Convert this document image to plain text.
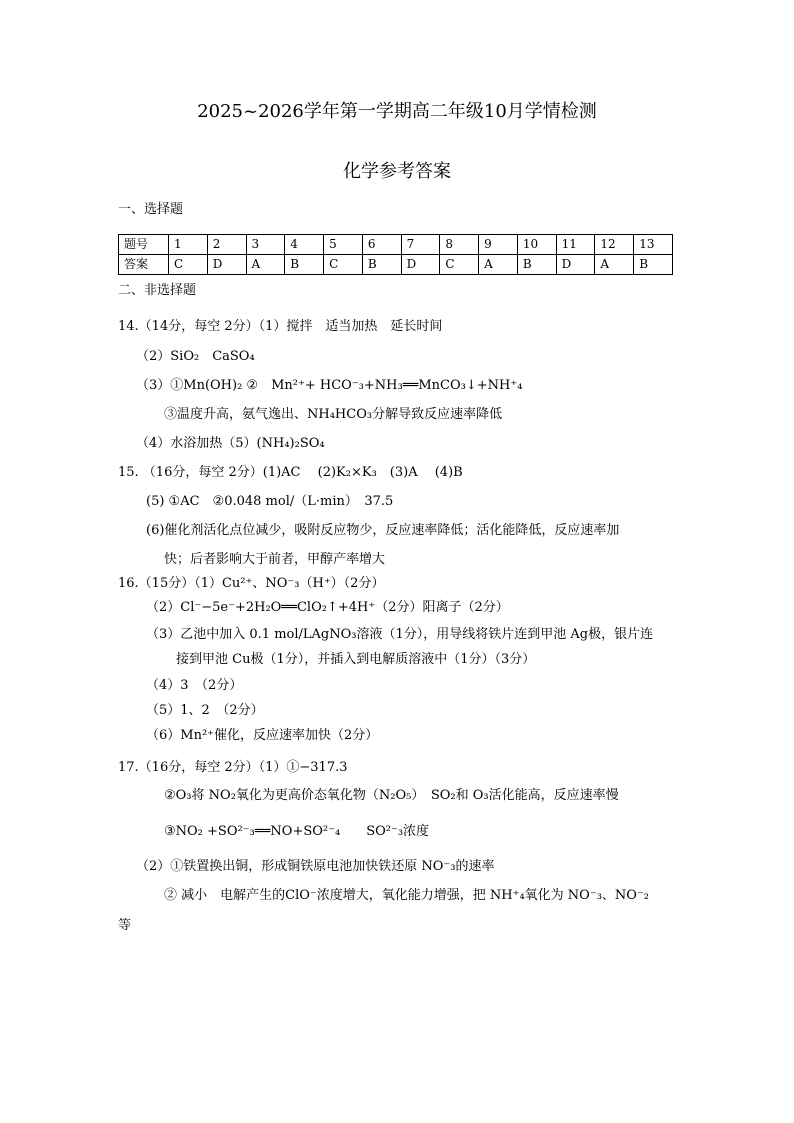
2025~2026学年第一学期高二年级10月学情检测
化学参考答案
一、选择题
题号	1	2	3	4	5	6	7	8	9	10	11	12	13
答案	C	D	A	B	C	B	D	C	A	B	D	A	B
二、非选择题
14.（14分，每空 2分）（1）搅拌　适当加热　延长时间
（2）SiO₂　CaSO₄
（3）①Mn(OH)₂ ②　Mn²⁺+ HCO⁻₃+NH₃══MnCO₃↓+NH⁺₄
③温度升高，氨气逸出、NH₄HCO₃分解导致反应速率降低
（4）水浴加热（5）(NH₄)₂SO₄
15. （16分，每空 2分）(1)AC　 (2)K₂×K₃　(3)A　 (4)B
(5) ①AC　②0.048 mol/（L·min）　37.5
(6)催化剂活化点位减少，吸附反应物少，反应速率降低；活化能降低，反应速率加
快；后者影响大于前者，甲醇产率增大
16.（15分）（1）Cu²⁺、NO⁻₃（H⁺）（2分）
（2）Cl⁻−5e⁻+2H₂O══ClO₂↑+4H⁺（2分）阳离子（2分）
（3）乙池中加入 0.1 mol/LAgNO₃溶液（1分），用导线将铁片连到甲池 Ag极，银片连
接到甲池 Cu极（1分），并插入到电解质溶液中（1分）（3分）
（4）3　（2分）
（5）1、2　（2分）
（6）Mn²⁺催化，反应速率加快（2分）
17.（16分，每空 2分）（1）①−317.3
②O₃将 NO₂氧化为更高价态氧化物（N₂O₅）　SO₂和 O₃活化能高，反应速率慢
③NO₂ +SO²⁻₃══NO+SO²⁻₄　　SO²⁻₃浓度
（2）①铁置换出铜，形成铜铁原电池加快铁还原 NO⁻₃的速率
② 减小　电解产生的ClO⁻浓度增大，氧化能力增强，把 NH⁺₄氧化为 NO⁻₃、NO⁻₂
等
